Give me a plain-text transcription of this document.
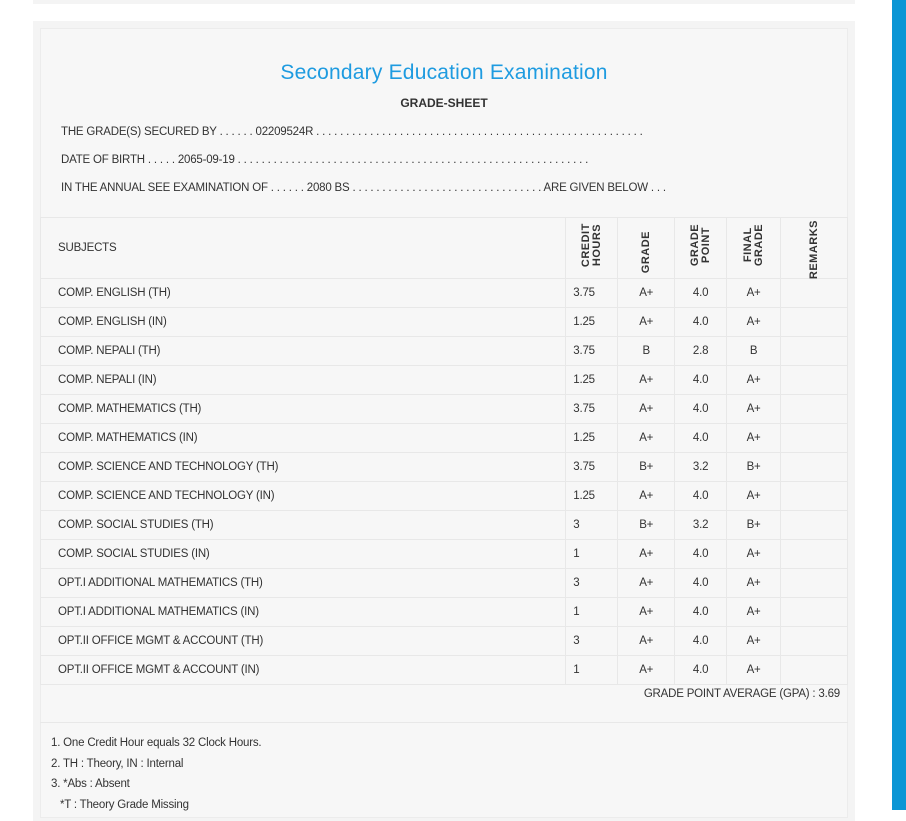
Secondary Education Examination
GRADE-SHEET
THE GRADE(S) SECURED BY . . . . . . 02209524R . . . . . . . . . . . . . . . . . . . . . . . . . . . . . . . . . . . . . . . . . . . . . . . . . . . . . . .
DATE OF BIRTH . . . . . 2065-09-19 . . . . . . . . . . . . . . . . . . . . . . . . . . . . . . . . . . . . . . . . . . . . . . . . . . . . . . . . . . .
IN THE ANNUAL SEE EXAMINATION OF . . . . . . 2080 BS . . . . . . . . . . . . . . . . . . . . . . . . . . . . . . . . ARE GIVEN BELOW . . .
SUBJECTS	CREDIT HOURS	GRADE	GRADE POINT	FINAL GRADE	REMARKS
COMP. ENGLISH (TH)	3.75	A+	4.0	A+	
COMP. ENGLISH (IN)	1.25	A+	4.0	A+	
COMP. NEPALI (TH)	3.75	B	2.8	B	
COMP. NEPALI (IN)	1.25	A+	4.0	A+	
COMP. MATHEMATICS (TH)	3.75	A+	4.0	A+	
COMP. MATHEMATICS (IN)	1.25	A+	4.0	A+	
COMP. SCIENCE AND TECHNOLOGY (TH)	3.75	B+	3.2	B+	
COMP. SCIENCE AND TECHNOLOGY (IN)	1.25	A+	4.0	A+	
COMP. SOCIAL STUDIES (TH)	3	B+	3.2	B+	
COMP. SOCIAL STUDIES (IN)	1	A+	4.0	A+	
OPT.I ADDITIONAL MATHEMATICS (TH)	3	A+	4.0	A+	
OPT.I ADDITIONAL MATHEMATICS (IN)	1	A+	4.0	A+	
OPT.II OFFICE MGMT & ACCOUNT (TH)	3	A+	4.0	A+	
OPT.II OFFICE MGMT & ACCOUNT (IN)	1	A+	4.0	A+	
GRADE POINT AVERAGE (GPA) : 3.69
1. One Credit Hour equals 32 Clock Hours.
2. TH : Theory, IN : Internal
3. *Abs : Absent
*T : Theory Grade Missing
